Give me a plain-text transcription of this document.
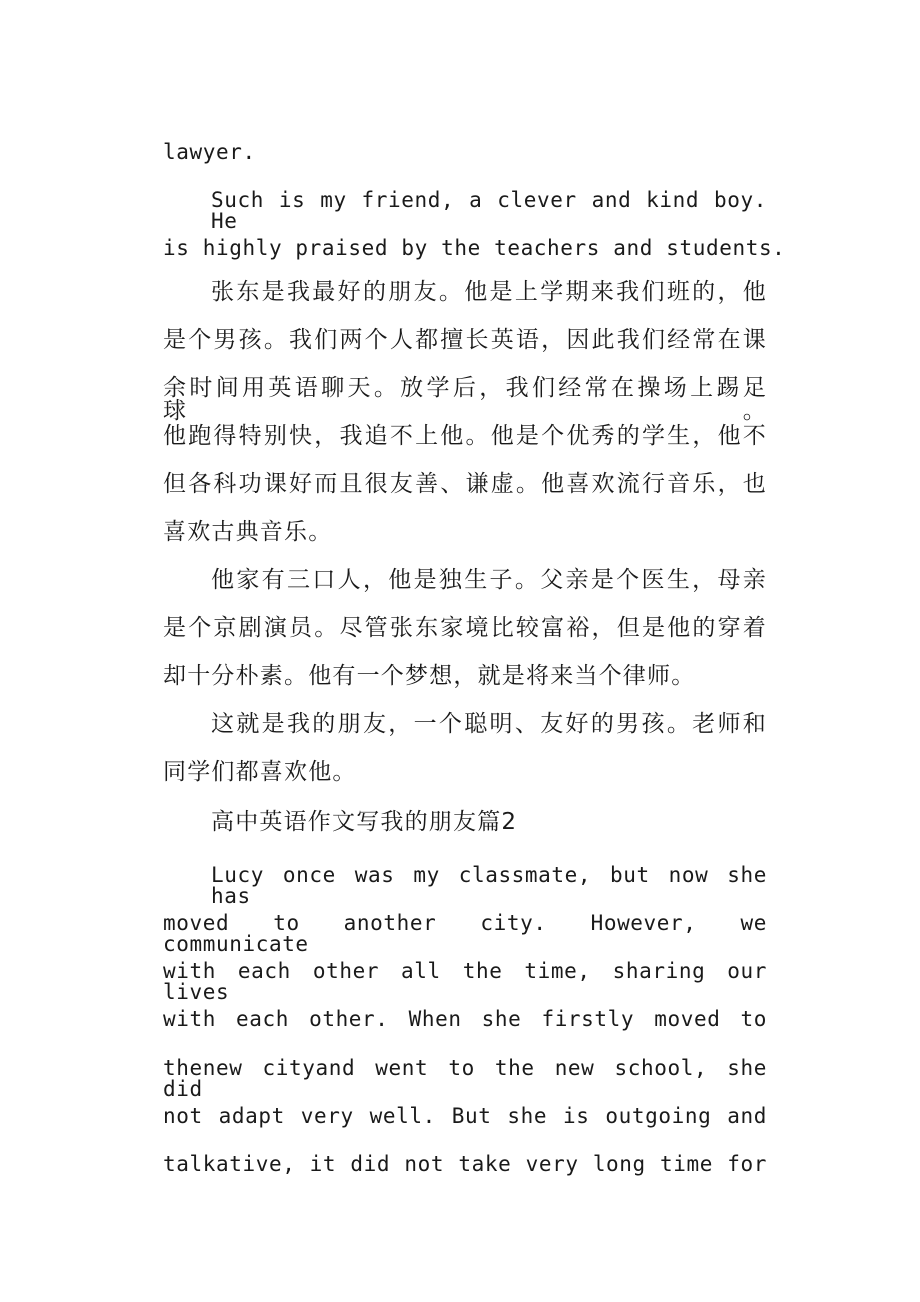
lawyer.

Such is my friend, a clever and kind boy. He

is highly praised by the teachers and students.

张东是我最好的朋友。他是上学期来我们班的，他

是个男孩。我们两个人都擅长英语，因此我们经常在课

余时间用英语聊天。放学后，我们经常在操场上踢足球。

他跑得特别快，我追不上他。他是个优秀的学生，他不

但各科功课好而且很友善、谦虚。他喜欢流行音乐，也

喜欢古典音乐。

他家有三口人，他是独生子。父亲是个医生，母亲

是个京剧演员。尽管张东家境比较富裕，但是他的穿着

却十分朴素。他有一个梦想，就是将来当个律师。

这就是我的朋友，一个聪明、友好的男孩。老师和

同学们都喜欢他。

高中英语作文写我的朋友篇2

Lucy once was my classmate, but now she has

moved to another city. However, we communicate

with each other all the time, sharing our lives

with each other. When she firstly moved to

thenew cityand went to the new school, she did

not adapt very well. But she is outgoing and

talkative, it did not take very long time for
